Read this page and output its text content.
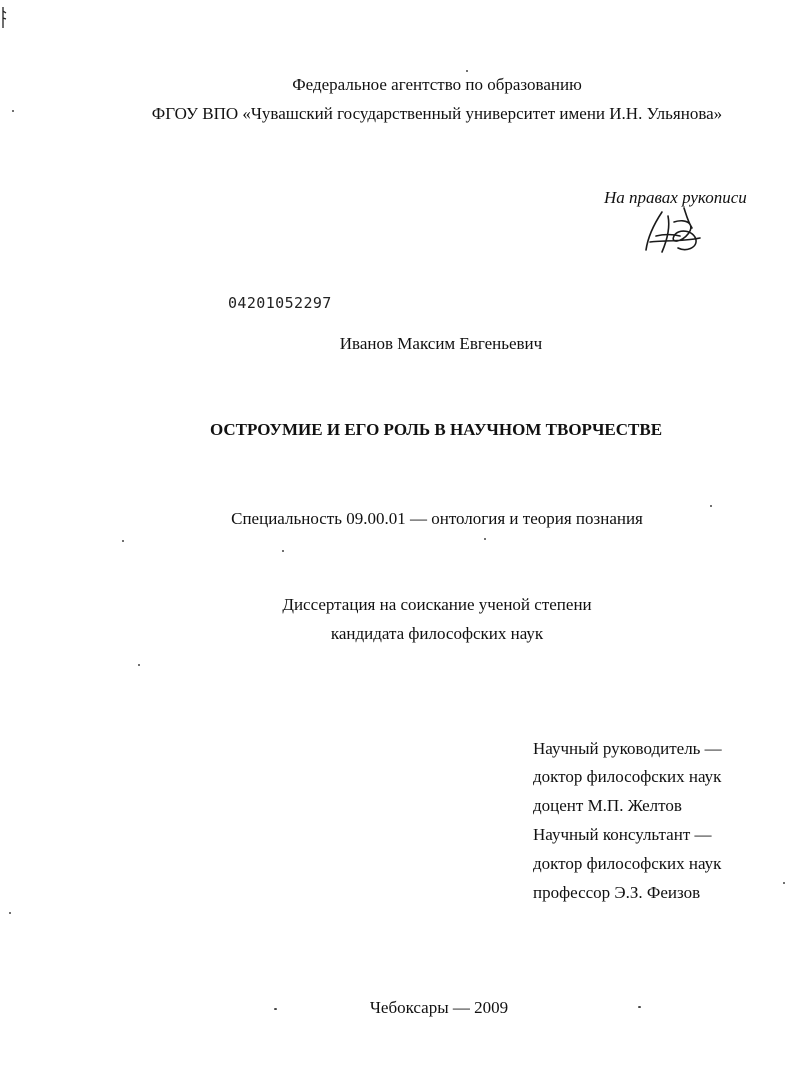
Федеральное агентство по образованию
ФГОУ ВПО «Чувашский государственный университет имени И.Н. Ульянова»
На правах рукописи
04201052297
Иванов Максим Евгеньевич
ОСТРОУМИЕ И ЕГО РОЛЬ В НАУЧНОМ ТВОРЧЕСТВЕ
Специальность 09.00.01 — онтология и теория познания
Диссертация на соискание ученой степени
кандидата философских наук
Научный руководитель —
доктор философских наук
доцент М.П. Желтов
Научный консультант —
доктор философских наук
профессор Э.З. Феизов
Чебоксары — 2009
